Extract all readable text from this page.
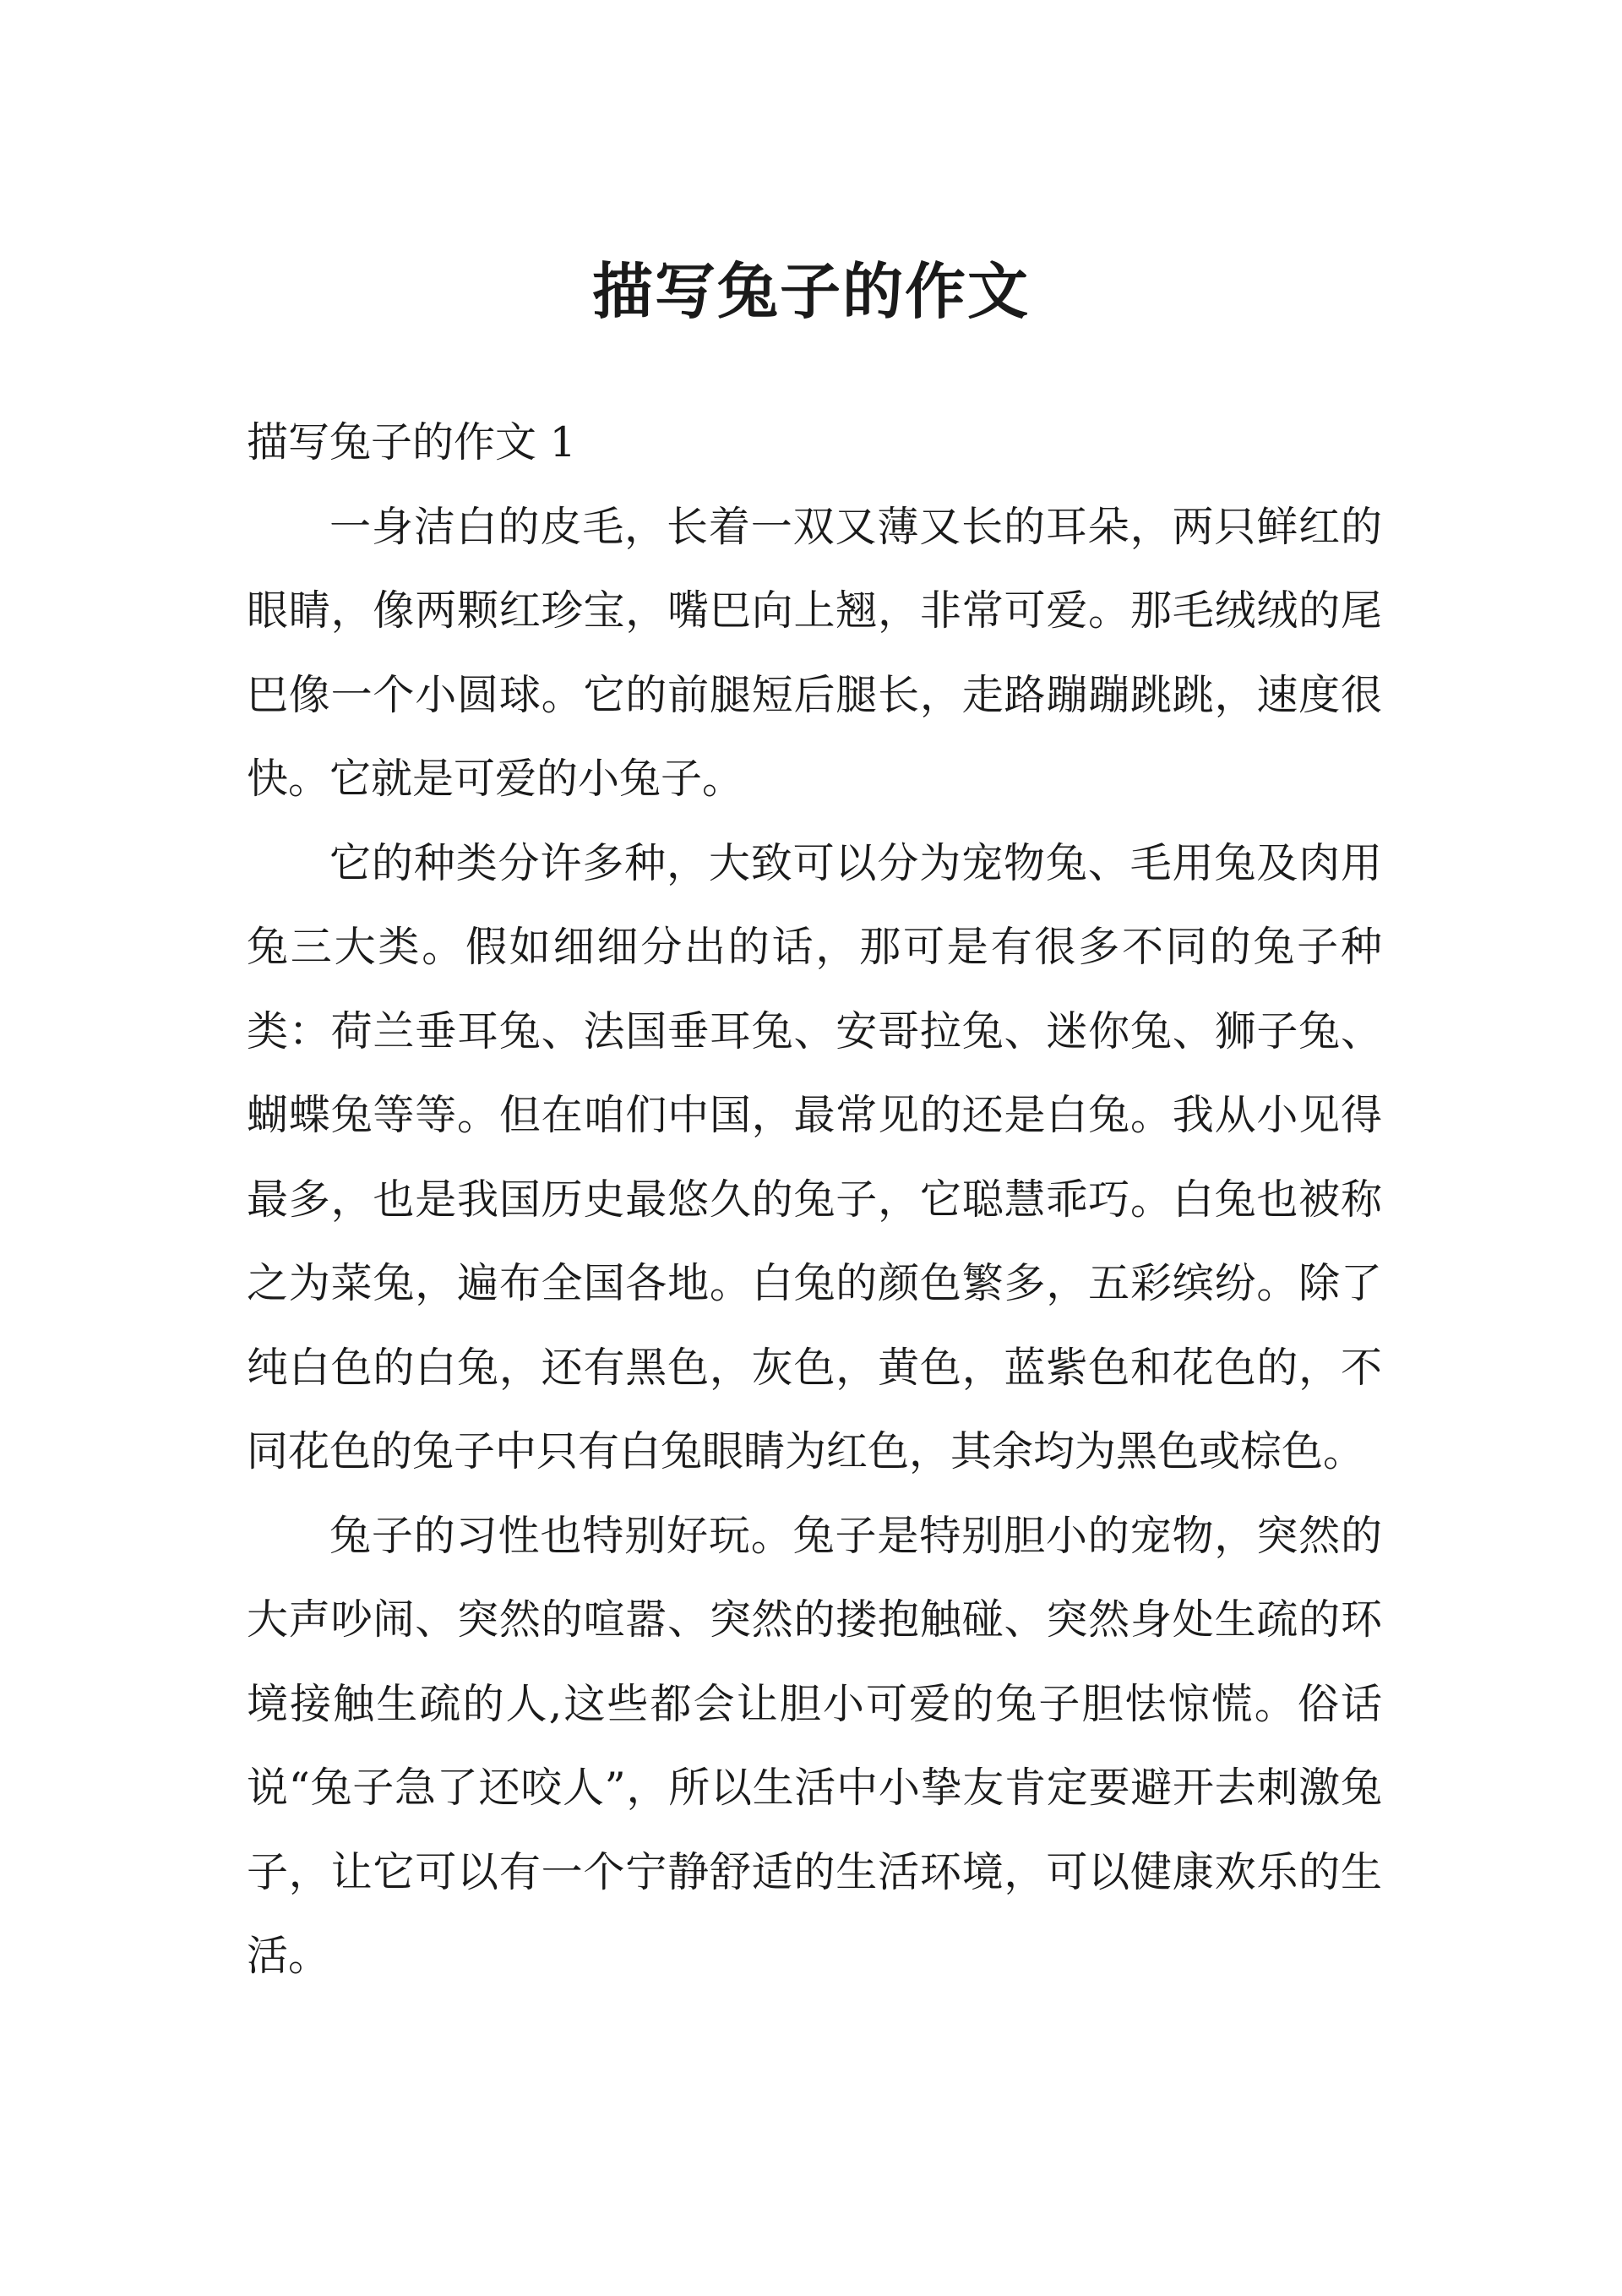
描写兔子的作文

描写兔子的作文 1

一身洁白的皮毛，长着一双又薄又长的耳朵，两只鲜红的眼睛，像两颗红珍宝，嘴巴向上翘，非常可爱。那毛绒绒的尾巴像一个小圆球。它的前腿短后腿长，走路蹦蹦跳跳，速度很快。它就是可爱的小兔子。

它的种类分许多种，大致可以分为宠物兔、毛用兔及肉用兔三大类。假如细细分出的话，那可是有很多不同的兔子种类：荷兰垂耳兔、法国垂耳兔、安哥拉兔、迷你兔、狮子兔、蝴蝶兔等等。但在咱们中国，最常见的还是白兔。我从小见得最多，也是我国历史最悠久的兔子，它聪慧乖巧。白兔也被称之为菜兔，遍布全国各地。白兔的颜色繁多，五彩缤纷。除了纯白色的白兔，还有黑色，灰色，黄色，蓝紫色和花色的，不同花色的兔子中只有白兔眼睛为红色，其余均为黑色或棕色。

兔子的习性也特别好玩。兔子是特别胆小的宠物，突然的大声吵闹、突然的喧嚣、突然的搂抱触碰、突然身处生疏的环境接触生疏的人,这些都会让胆小可爱的兔子胆怯惊慌。俗话说“兔子急了还咬人”，所以生活中小挚友肯定要避开去刺激兔子，让它可以有一个宁静舒适的生活环境，可以健康欢乐的生活。
